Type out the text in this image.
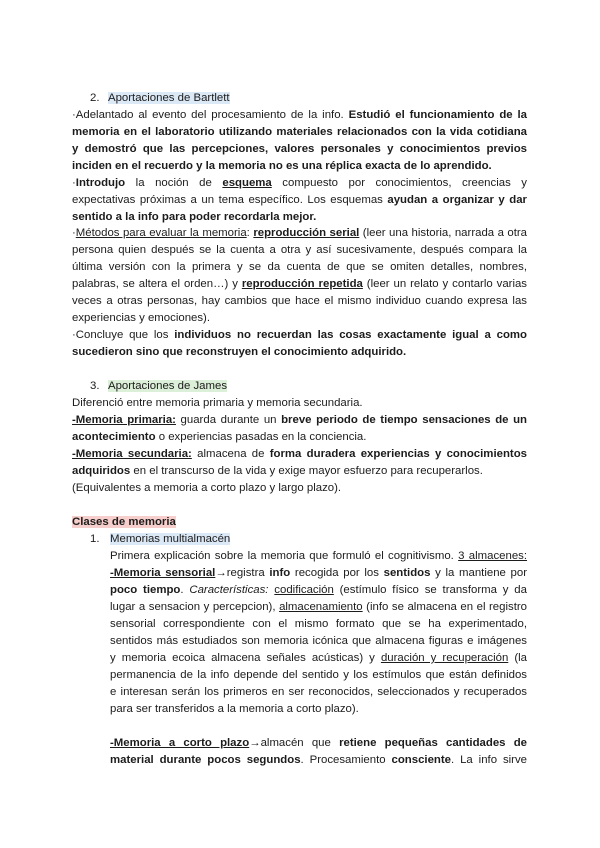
2. Aportaciones de Bartlett
·Adelantado al evento del procesamiento de la info. Estudió el funcionamiento de la
memoria en el laboratorio utilizando materiales relacionados con la vida cotidiana
y demostró que las percepciones, valores personales y conocimientos previos
inciden en el recuerdo y la memoria no es una réplica exacta de lo aprendido.
·Introdujo la noción de esquema compuesto por conocimientos, creencias y
expectativas próximas a un tema específico. Los esquemas ayudan a organizar y dar
sentido a la info para poder recordarla mejor.
·Métodos para evaluar la memoria: reproducción serial (leer una historia, narrada a otra
persona quien después se la cuenta a otra y así sucesivamente, después compara la
última versión con la primera y se da cuenta de que se omiten detalles, nombres,
palabras, se altera el orden…) y reproducción repetida (leer un relato y contarlo varias
veces a otras personas, hay cambios que hace el mismo individuo cuando expresa las
experiencias y emociones).
·Concluye que los individuos no recuerdan las cosas exactamente igual a como
sucedieron sino que reconstruyen el conocimiento adquirido.
3. Aportaciones de James
Diferenció entre memoria primaria y memoria secundaria.
-Memoria primaria: guarda durante un breve periodo de tiempo sensaciones de un
acontecimiento o experiencias pasadas en la conciencia.
-Memoria secundaria: almacena de forma duradera experiencias y conocimientos
adquiridos en el transcurso de la vida y exige mayor esfuerzo para recuperarlos.
(Equivalentes a memoria a corto plazo y largo plazo).
Clases de memoria
1. Memorias multialmacén
Primera explicación sobre la memoria que formuló el cognitivismo. 3 almacenes:
-Memoria sensorial→registra info recogida por los sentidos y la mantiene por
poco tiempo. Características: codificación (estímulo físico se transforma y da
lugar a sensacion y percepcion), almacenamiento (info se almacena en el registro
sensorial correspondiente con el mismo formato que se ha experimentado,
sentidos más estudiados son memoria icónica que almacena figuras e imágenes
y memoria ecoica almacena señales acústicas) y duración y recuperación (la
permanencia de la info depende del sentido y los estímulos que están definidos
e interesan serán los primeros en ser reconocidos, seleccionados y recuperados
para ser transferidos a la memoria a corto plazo).
-Memoria a corto plazo→almacén que retiene pequeñas cantidades de
material durante pocos segundos. Procesamiento consciente. La info sirve
